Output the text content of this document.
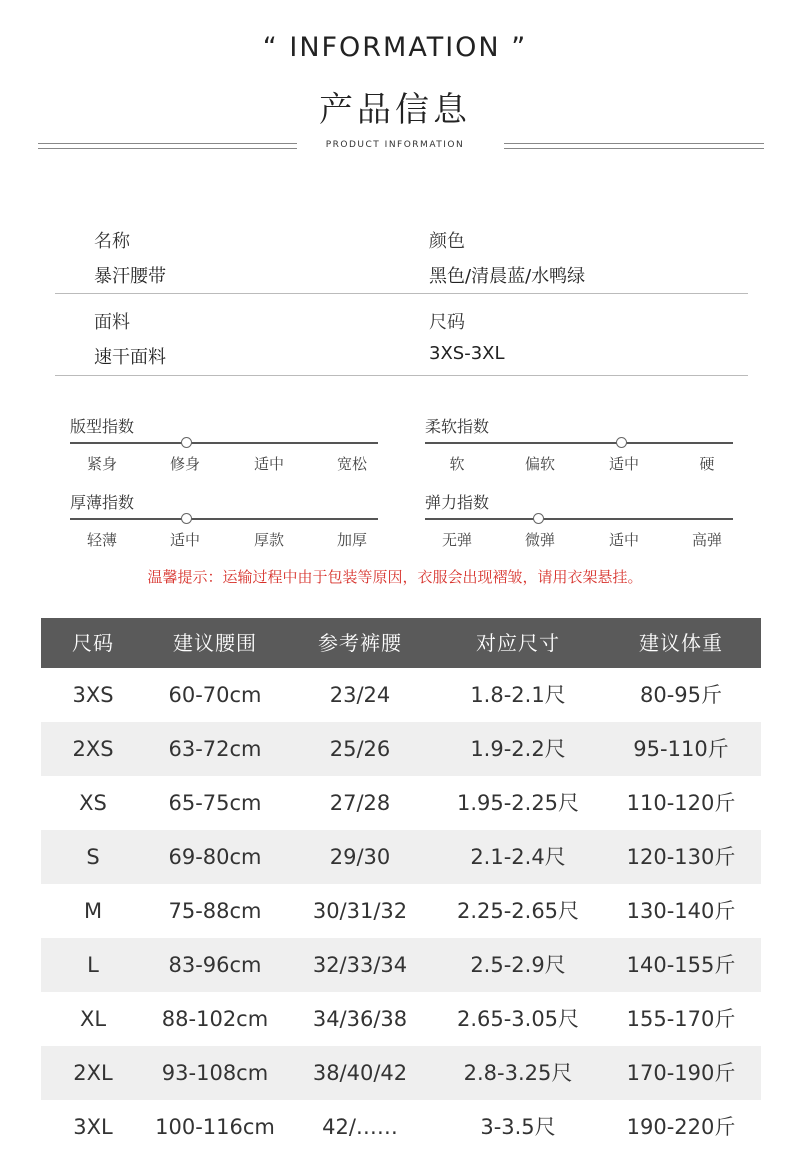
“ INFORMATION ”
产品信息
PRODUCT INFORMATION
名称	颜色
暴汗腰带	黑色/清晨蓝/水鸭绿
面料	尺码
速干面料	3XS-3XL
版型指数
紧身	修身	适中	宽松
柔软指数
软	偏软	适中	硬
厚薄指数
轻薄	适中	厚款	加厚
弹力指数
无弹	微弹	适中	高弹
温馨提示：运输过程中由于包装等原因，衣服会出现褶皱，请用衣架悬挂。
尺码	建议腰围	参考裤腰	对应尺寸	建议体重
3XS	60-70cm	23/24	1.8-2.1尺	80-95斤
2XS	63-72cm	25/26	1.9-2.2尺	95-110斤
XS	65-75cm	27/28	1.95-2.25尺	110-120斤
S	69-80cm	29/30	2.1-2.4尺	120-130斤
M	75-88cm	30/31/32	2.25-2.65尺	130-140斤
L	83-96cm	32/33/34	2.5-2.9尺	140-155斤
XL	88-102cm	34/36/38	2.65-3.05尺	155-170斤
2XL	93-108cm	38/40/42	2.8-3.25尺	170-190斤
3XL	100-116cm	42/……	3-3.5尺	190-220斤
